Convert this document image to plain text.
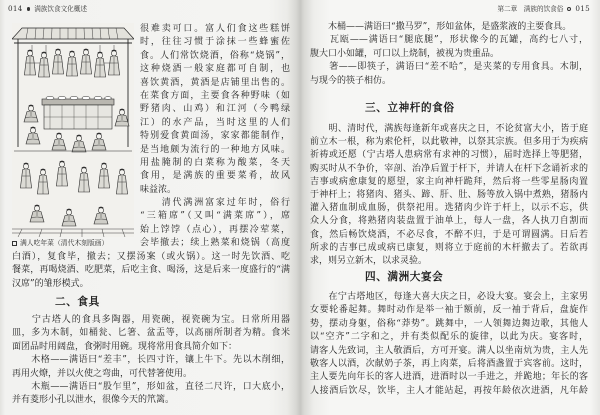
014 满族饮食文化概述
满人吃年菜（清代木刻版画）
很难卖可口。富人们食这些糕饼
时，往往习惯于涂抹一些蜂蜜佐
食。人们常饮烧酒，俗称“烧锅”，
这种烧酒一般家庭都可自制，也
喜饮黄酒，黄酒是店铺里出售的。
在菜食方面，主要食各种野味（如
野猪肉、山鸡）和江河（今鸭绿
江）的水产品，当时这里的人们
特别爱食黄面汤，家家都能制作，
是当地颇为流行的一种地方风味。
用盐腌制的白菜称为酸菜，冬天
食用，是满族的重要菜肴，故风
味益浓。
　　清代满洲富家过年时，俗行
“三箱席”（又叫“满菜席”），席
始上饽饽（点心），再摆冷荤菜，
会毕撤去；续上熟菜和烧锅（高度
白酒），复食毕，撤去；又摆汤案（或火锅）。这一时先饮酒、吃
餐菜，再喝烧酒、吃肥菜，后吃主食、喝汤，这是后来一度盛行的“满
汉席”的雏形模式。
二、食具
　　宁古塔人的食具多陶器，用瓷碗，视瓷碗为宝。日常所用器
皿，多为木制，如桶瓮、匕箸、盆盂等，以高丽所制者为精。食米
面团品时用阔盘，食粥时用碗。现将常用食具简介如下：
　　木格——满语曰“差丰”，长四寸许，镶上牛下。先以木削细，
再用火燎，并以火使之弯曲，可代替箸使用。
　　木瓶——满语曰“股乍里”，形如盆，直径二尺许，口大底小，
并有菱形小孔以泄水，很像今天的笊篱。
第二章　满族的饮食俗 015
　　木桶——满语曰“撒马罗”，形如盆体，是盛浆液的主要食具。
　　瓦瓯——满语曰“腿底腿”，形状像今的瓦罐，高约七八寸，
腹大口小如罐，可口以上烧制，被视为贵重品。
　　箸——即筷子，满语曰“差不哈”，是夹菜的专用食具。木制，
与现今的筷子相仿。
三、立神杆的食俗
　　明、清时代，满族每逢新年或喜庆之日，不论贫富大小，皆于庭
前立木一根，称为索伦杆，以此敬神，以祭其宗族。但多用于为疾病
祈祷或还愿（宁古塔人患病常有求神的习惯），届时选择上等肥猪，
购买时从不争价，宰剖、治净后置于杆下，并请人在杆下念诵祈求的
吉事或病愈康复的愿望，家主向神杆跪拜，然后将一些零星肠肉置
于神杆上；将猪肉、猪头、蹄、肝、肚、肠等放入锅中煮熟，猪肠内
灌入猪血制成血肠，供祭祀用。选猪肉少许于杆上，以示不忘，供
众人分食，将熟猪肉装盘置于油单上，每人一盘，各人执刀自割而
食，然后畅饮烧酒，不必尽食，不醉不归，于是可谓圆满。日后若
所求的吉事已成或病已康复，则将立于庭前的木杆撤去了。若欲再
求，则另立新木，以求灵验。
四、满洲大宴会
　　在宁古塔地区，每逢大喜大庆之日，必设大宴。宴会上，主家男
女要轮番起舞。舞时动作是举一袖于额前，反一袖于背后，盘旋作
势，摆动身躯，俗称“莽势”。跳舞中，一人领舞边舞边歌，其他人
以“空齐”二字和之，并有类似配乐的旋律，以此为庆。宴客时，
请客人先致词，主人敬酒后，方可开宴。满人以坐南炕为贵，主人先
敬客人以酒，次献奶子茶，再上肉菜，后将酒盏置于宾客前。这时，
主人要先向年长的客人进酒，进酒时以一手进之，并跪地；年长的客
人接酒后饮尽，饮毕，主人才能站起，再按年龄依次进酒，凡年龄
